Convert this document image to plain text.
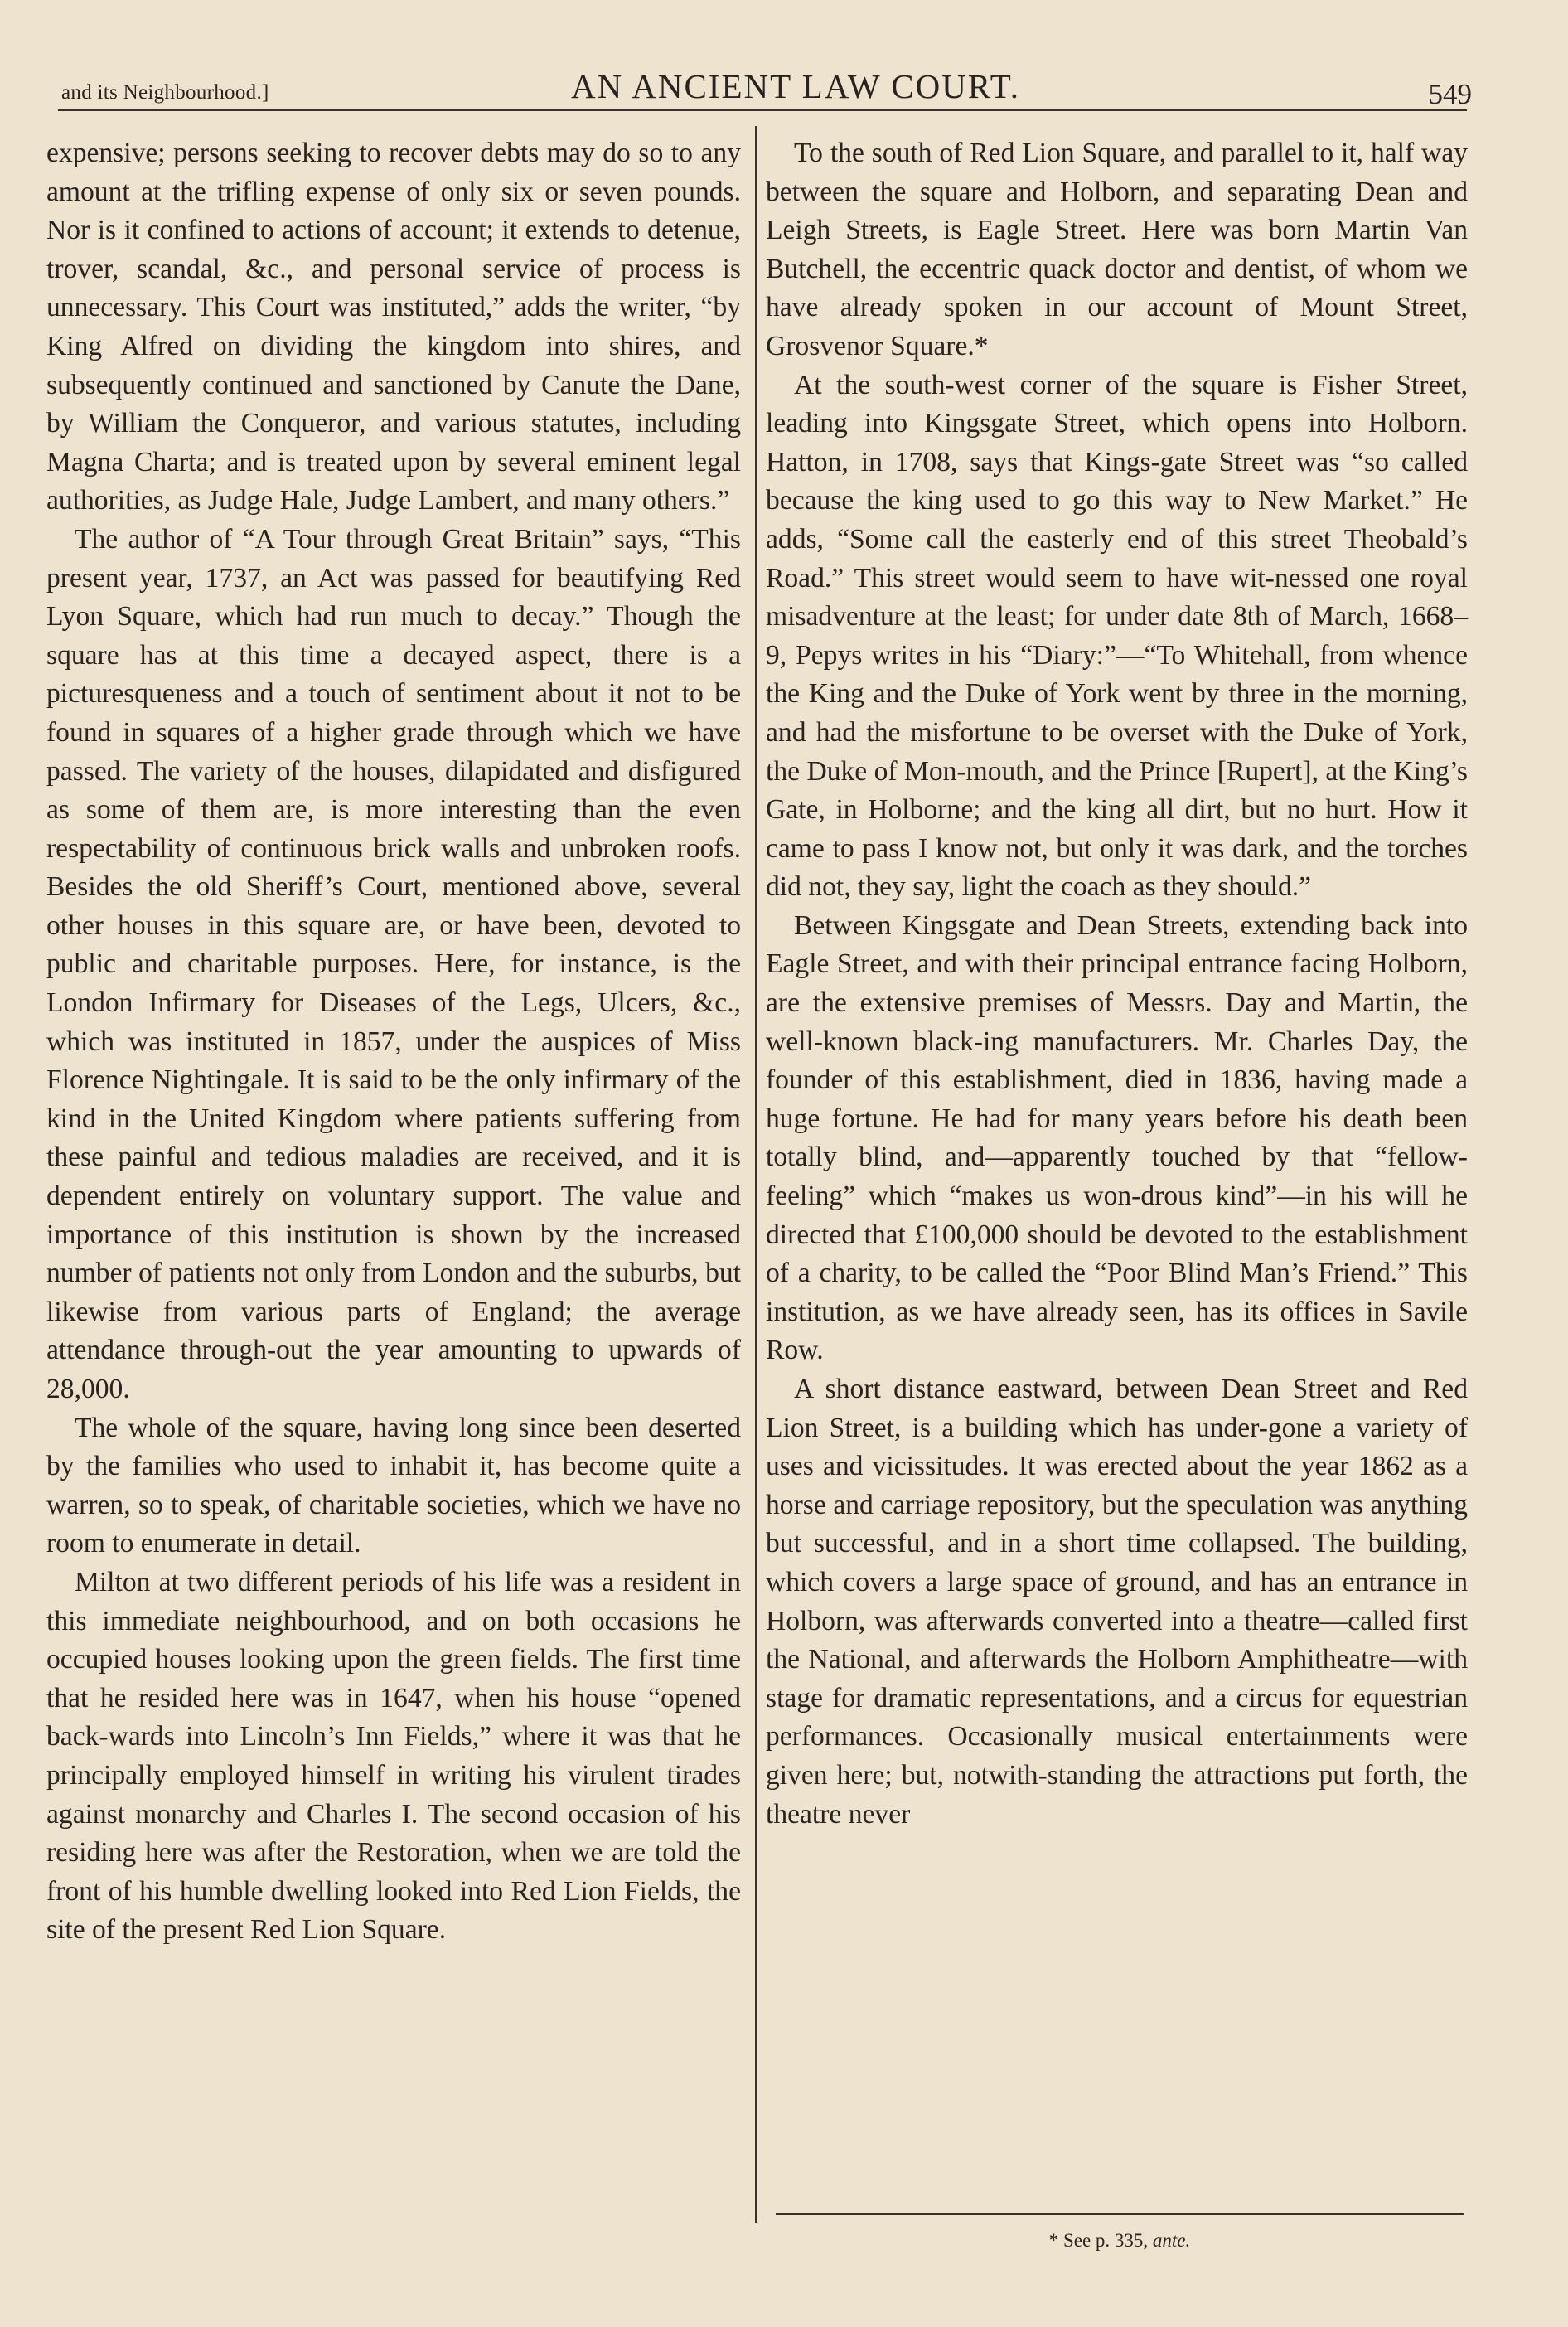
and its Neighbourhood.]	AN ANCIENT LAW COURT.	549

expensive; persons seeking to recover debts may do so to any amount at the trifling expense of only six or seven pounds. Nor is it confined to actions of account; it extends to detenue, trover, scandal, &c., and personal service of process is unnecessary. This Court was instituted,” adds the writer, “by King Alfred on dividing the kingdom into shires, and subsequently continued and sanctioned by Canute the Dane, by William the Conqueror, and various statutes, including Magna Charta; and is treated upon by several eminent legal authorities, as Judge Hale, Judge Lambert, and many others.”

The author of “A Tour through Great Britain” says, “This present year, 1737, an Act was passed for beautifying Red Lyon Square, which had run much to decay.” Though the square has at this time a decayed aspect, there is a picturesqueness and a touch of sentiment about it not to be found in squares of a higher grade through which we have passed. The variety of the houses, dilapidated and disfigured as some of them are, is more interesting than the even respectability of continuous brick walls and unbroken roofs. Besides the old Sheriff’s Court, mentioned above, several other houses in this square are, or have been, devoted to public and charitable purposes. Here, for instance, is the London Infirmary for Diseases of the Legs, Ulcers, &c., which was instituted in 1857, under the auspices of Miss Florence Nightingale. It is said to be the only infirmary of the kind in the United Kingdom where patients suffering from these painful and tedious maladies are received, and it is dependent entirely on voluntary support. The value and importance of this institution is shown by the increased number of patients not only from London and the suburbs, but likewise from various parts of England; the average attendance through-out the year amounting to upwards of 28,000.

The whole of the square, having long since been deserted by the families who used to inhabit it, has become quite a warren, so to speak, of charitable societies, which we have no room to enumerate in detail.

Milton at two different periods of his life was a resident in this immediate neighbourhood, and on both occasions he occupied houses looking upon the green fields. The first time that he resided here was in 1647, when his house “opened back-wards into Lincoln’s Inn Fields,” where it was that he principally employed himself in writing his virulent tirades against monarchy and Charles I. The second occasion of his residing here was after the Restoration, when we are told the front of his humble dwelling looked into Red Lion Fields, the site of the present Red Lion Square.

To the south of Red Lion Square, and parallel to it, half way between the square and Holborn, and separating Dean and Leigh Streets, is Eagle Street. Here was born Martin Van Butchell, the eccentric quack doctor and dentist, of whom we have already spoken in our account of Mount Street, Grosvenor Square.*

At the south-west corner of the square is Fisher Street, leading into Kingsgate Street, which opens into Holborn. Hatton, in 1708, says that Kings-gate Street was “so called because the king used to go this way to New Market.” He adds, “Some call the easterly end of this street Theobald’s Road.” This street would seem to have wit-nessed one royal misadventure at the least; for under date 8th of March, 1668–9, Pepys writes in his “Diary:”—“To Whitehall, from whence the King and the Duke of York went by three in the morning, and had the misfortune to be overset with the Duke of York, the Duke of Mon-mouth, and the Prince [Rupert], at the King’s Gate, in Holborne; and the king all dirt, but no hurt. How it came to pass I know not, but only it was dark, and the torches did not, they say, light the coach as they should.”

Between Kingsgate and Dean Streets, extending back into Eagle Street, and with their principal entrance facing Holborn, are the extensive premises of Messrs. Day and Martin, the well-known black-ing manufacturers. Mr. Charles Day, the founder of this establishment, died in 1836, having made a huge fortune. He had for many years before his death been totally blind, and—apparently touched by that “fellow-feeling” which “makes us won-drous kind”—in his will he directed that £100,000 should be devoted to the establishment of a charity, to be called the “Poor Blind Man’s Friend.” This institution, as we have already seen, has its offices in Savile Row.

A short distance eastward, between Dean Street and Red Lion Street, is a building which has under-gone a variety of uses and vicissitudes. It was erected about the year 1862 as a horse and carriage repository, but the speculation was anything but successful, and in a short time collapsed. The building, which covers a large space of ground, and has an entrance in Holborn, was afterwards converted into a theatre—called first the National, and afterwards the Holborn Amphitheatre—with stage for dramatic representations, and a circus for equestrian performances. Occasionally musical entertainments were given here; but, notwith-standing the attractions put forth, the theatre never

* See p. 335, ante.
